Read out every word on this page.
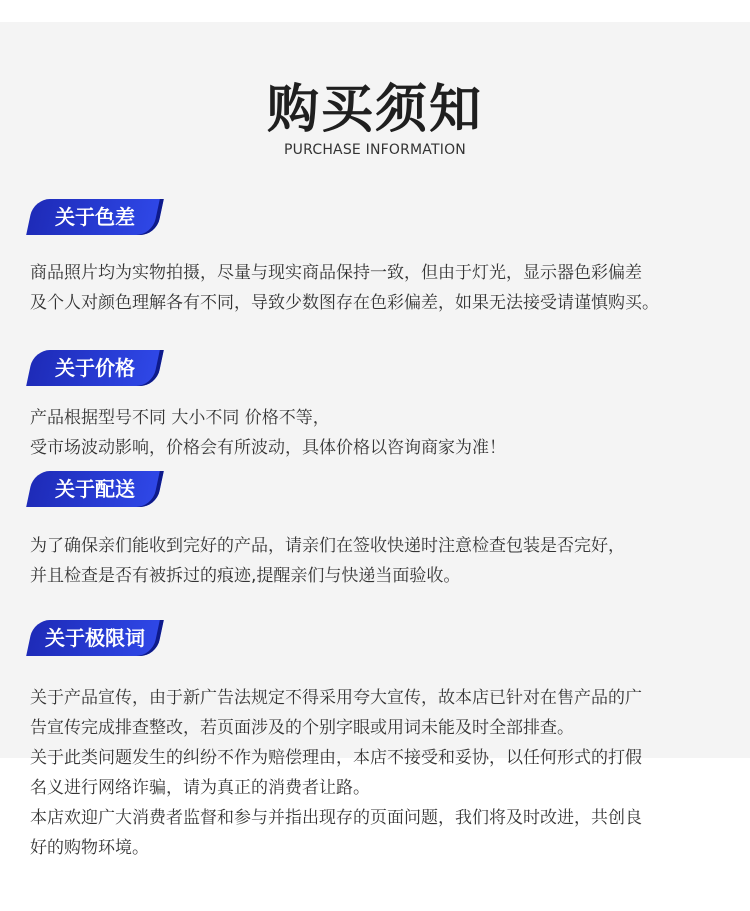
购买须知
PURCHASE INFORMATION
关于色差
商品照片均为实物拍摄，尽量与现实商品保持一致，但由于灯光，显示器色彩偏差
及个人对颜色理解各有不同，导致少数图存在色彩偏差，如果无法接受请谨慎购买。
关于价格
产品根据型号不同 大小不同 价格不等，
受市场波动影响，价格会有所波动，具体价格以咨询商家为准！
关于配送
为了确保亲们能收到完好的产品，请亲们在签收快递时注意检查包装是否完好，
并且检查是否有被拆过的痕迹,提醒亲们与快递当面验收。
关于极限词
关于产品宣传，由于新广告法规定不得采用夸大宣传，故本店已针对在售产品的广
告宣传完成排查整改，若页面涉及的个别字眼或用词未能及时全部排查。
关于此类问题发生的纠纷不作为赔偿理由，本店不接受和妥协，以任何形式的打假
名义进行网络诈骗，请为真正的消费者让路。
本店欢迎广大消费者监督和参与并指出现存的页面问题，我们将及时改进，共创良
好的购物环境。
